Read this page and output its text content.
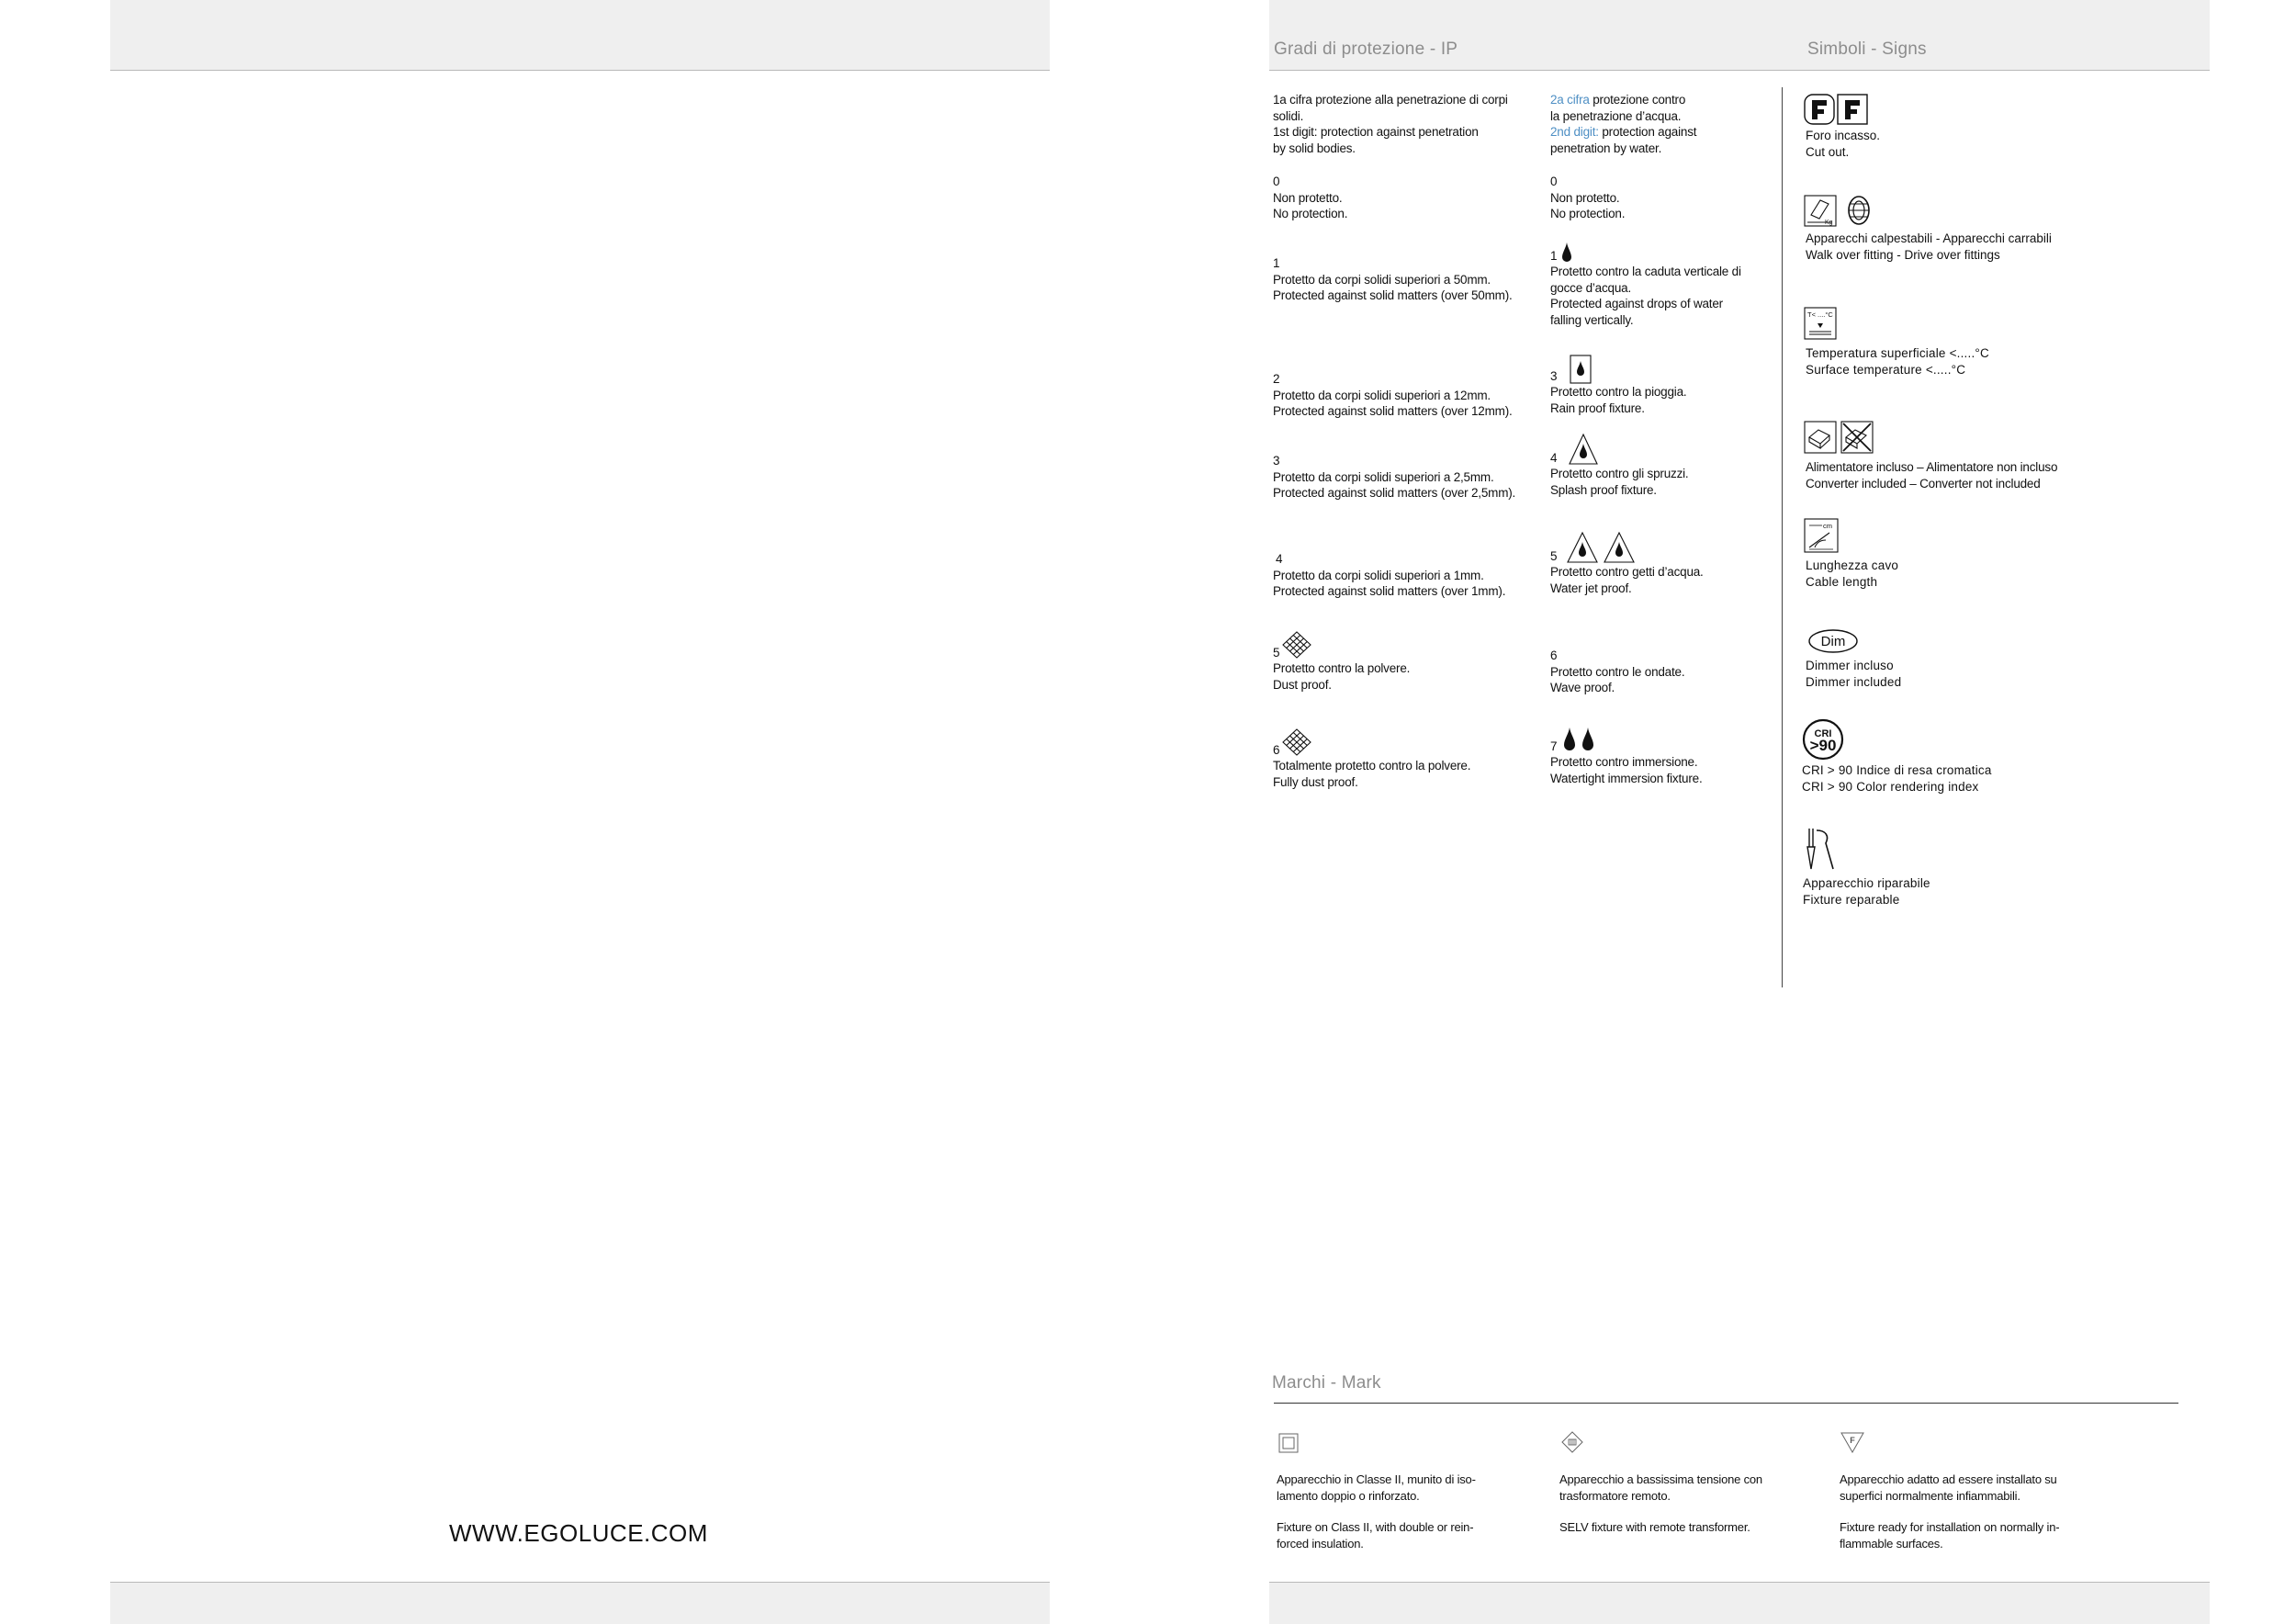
WWW.EGOLUCE.COM
Gradi di protezione - IP	Simboli - Signs
1a cifra protezione alla penetrazione di corpi
solidi.
1st digit: protection against penetration
by solid bodies.
0
Non protetto.
No protection.
1
Protetto da corpi solidi superiori a 50mm.
Protected against solid matters (over 50mm).
2
Protetto da corpi solidi superiori a 12mm.
Protected against solid matters (over 12mm).
3
Protetto da corpi solidi superiori a 2,5mm.
Protected against solid matters (over 2,5mm).
4
Protetto da corpi solidi superiori a 1mm.
Protected against solid matters (over 1mm).
5
Protetto contro la polvere.
Dust proof.
6
Totalmente protetto contro la polvere.
Fully dust proof.
2a cifra protezione contro
la penetrazione d’acqua.
2nd digit: protection against
penetration by water.
0
Non protetto.
No protection.
1
Protetto contro la caduta verticale di
gocce d’acqua.
Protected against drops of water
falling vertically.
3
Protetto contro la pioggia.
Rain proof fixture.
4
Protetto contro gli spruzzi.
Splash proof fixture.
5
Protetto contro getti d’acqua.
Water jet proof.
6
Protetto contro le ondate.
Wave proof.
7
Protetto contro immersione.
Watertight immersion fixture.
Foro incasso.
Cut out.
Kg
Apparecchi calpestabili - Apparecchi carrabili
Walk over fitting - Drive over fittings
T< ....°C
Temperatura superficiale <.....°C
Surface temperature <.....°C
Alimentatore incluso – Alimentatore non incluso
Converter included – Converter not included
cm
Lunghezza cavo
Cable length
Dim
Dimmer incluso
Dimmer included
CRI
>90
CRI > 90 Indice di resa cromatica
CRI > 90 Color rendering index
Apparecchio riparabile
Fixture reparable
Marchi - Mark
Apparecchio in Classe II, munito di iso-
lamento doppio o rinforzato.
Fixture on Class II, with double or rein-
forced insulation.
Apparecchio a bassissima tensione con
trasformatore remoto.
SELV fixture with remote transformer.
F
Apparecchio adatto ad essere installato su
superfici normalmente infiammabili.
Fixture ready for installation on normally in-
flammable surfaces.
